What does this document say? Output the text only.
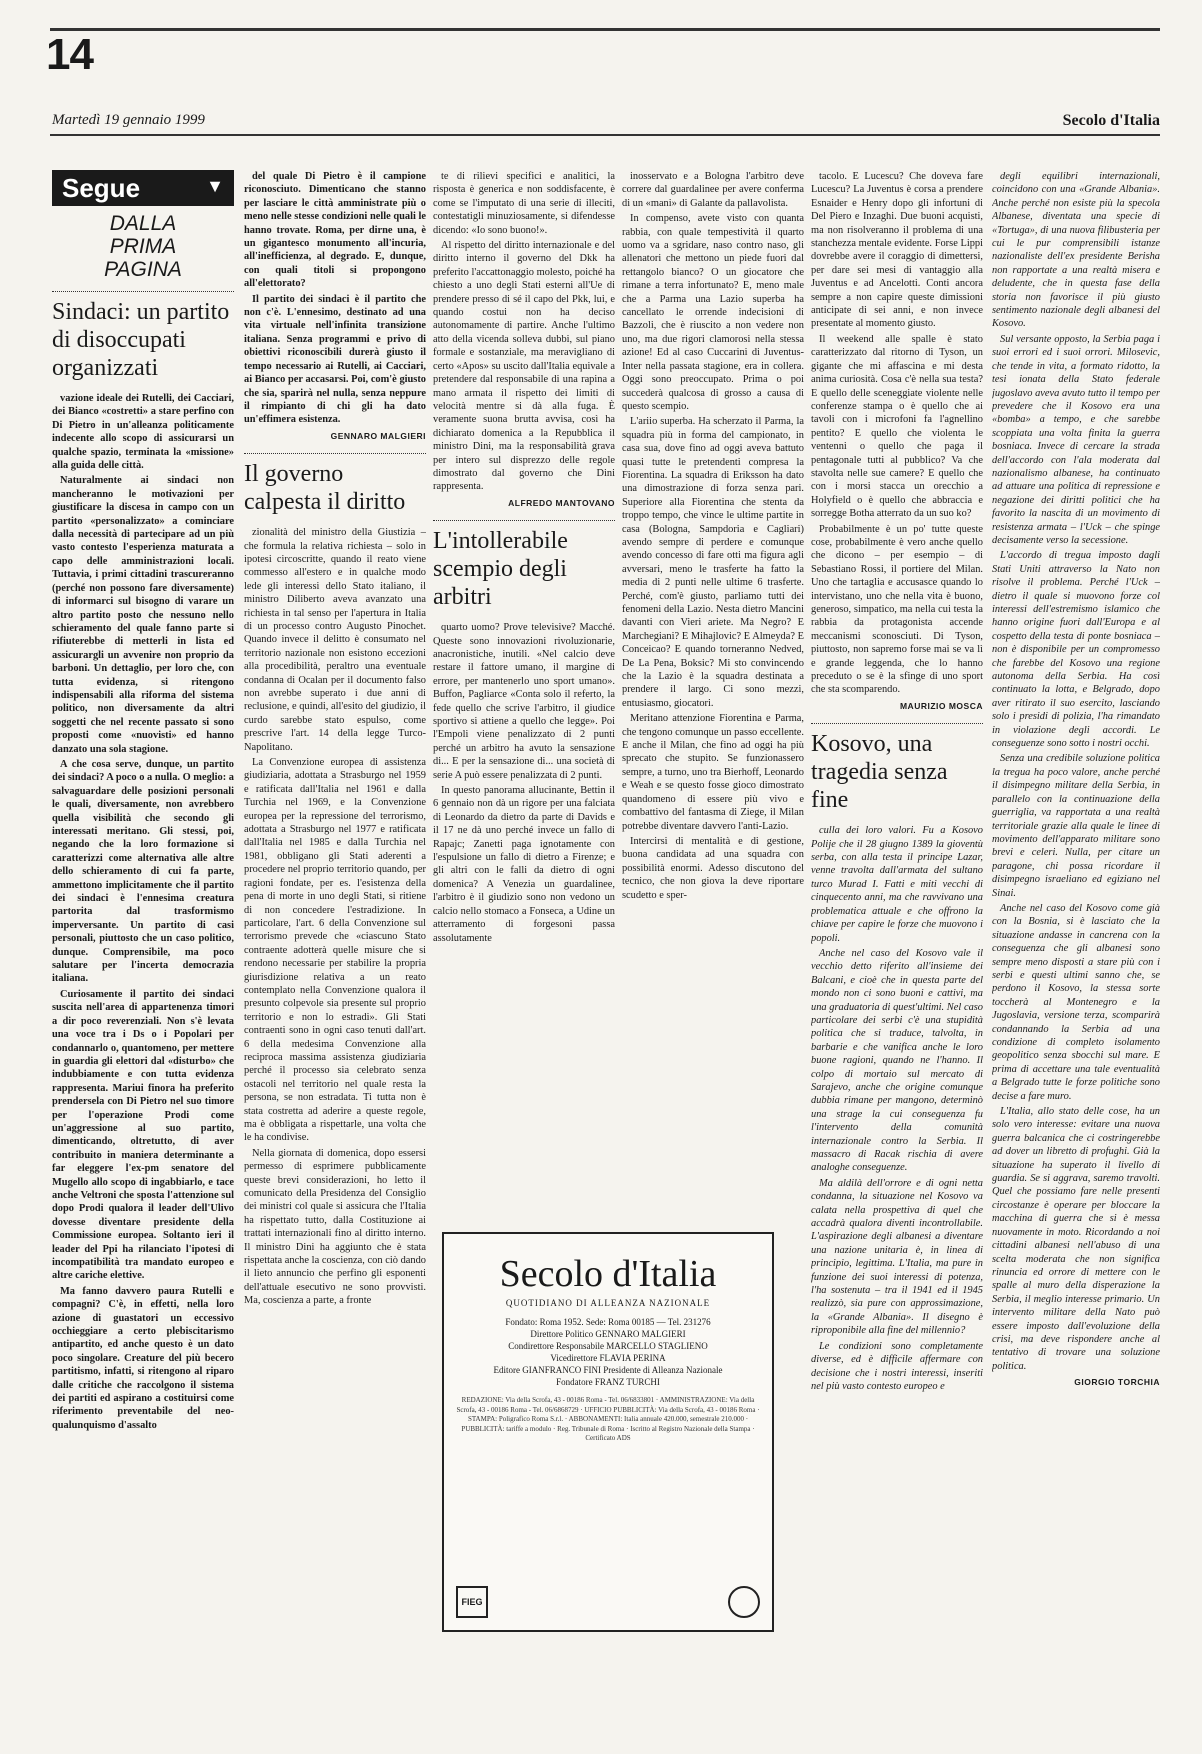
14
Martedì 19 gennaio 1999	Secolo d'Italia
Segue	▼
DALLA
PRIMA
PAGINA
Sindaci: un partito di disoccupati organizzati

vazione ideale dei Rutelli, dei Cacciari, dei Bianco «costretti» a stare perfino con Di Pietro in un'alleanza politicamente indecente allo scopo di assicurarsi un qualche spazio, terminata la «missione» alla guida delle città.

Naturalmente ai sindaci non mancheranno le motivazioni per giustificare la discesa in campo con un partito «personalizzato» a cominciare dalla necessità di partecipare ad un più vasto contesto l'esperienza maturata a capo delle amministrazioni locali. Tuttavia, i primi cittadini trascureranno (perché non possono fare diversamente) di informarci sul bisogno di varare un altro partito posto che nessuno nello schieramento del quale fanno parte si rifiuterebbe di metterli in lista ed assicurargli un avvenire non proprio da barboni. Un dettaglio, per loro che, con tutta evidenza, si ritengono indispensabili alla riforma del sistema politico, non diversamente da altri soggetti che nel recente passato si sono proposti come «nuovisti» ed hanno danzato una sola stagione.

A che cosa serve, dunque, un partito dei sindaci? A poco o a nulla. O meglio: a salvaguardare delle posizioni personali le quali, diversamente, non avrebbero quella visibilità che secondo gli interessati meritano. Gli stessi, poi, negando che la loro formazione si caratterizzi come alternativa alle altre dello schieramento di cui fa parte, ammettono implicitamente che il partito dei sindaci è l'ennesima creatura partorita dal trasformismo imperversante. Un partito di casi personali, piuttosto che un caso politico, dunque. Comprensibile, ma poco salutare per l'incerta democrazia italiana.

Curiosamente il partito dei sindaci suscita nell'area di appartenenza timori a dir poco reverenziali. Non s'è levata una voce tra i Ds o i Popolari per condannarlo o, quantomeno, per mettere in guardia gli elettori dal «disturbo» che indubbiamente e con tutta evidenza rappresenta. Mariui finora ha preferito prendersela con Di Pietro nel suo timore per l'operazione Prodi come un'aggressione al suo partito, dimenticando, oltretutto, di aver contribuito in maniera determinante a far eleggere l'ex-pm senatore del Mugello allo scopo di ingabbiarlo, e tace anche Veltroni che sposta l'attenzione sul dopo Prodi qualora il leader dell'Ulivo dovesse diventare presidente della Commissione europea. Soltanto ieri il leader del Ppi ha rilanciato l'ipotesi di incompatibilità tra mandato europeo e altre cariche elettive.

Ma fanno davvero paura Rutelli e compagni? C'è, in effetti, nella loro azione di guastatori un eccessivo occhieggiare a certo plebiscitarismo antipartito, ed anche questo è un dato poco singolare. Creature del più becero partitismo, infatti, si ritengono al riparo dalle critiche che raccolgono il sistema dei partiti ed aspirano a costituirsi come riferimento preventabile del neo-qualunquismo d'assalto

del quale Di Pietro è il campione riconosciuto. Dimenticano che stanno per lasciare le città amministrate più o meno nelle stesse condizioni nelle quali le hanno trovate. Roma, per dirne una, è un gigantesco monumento all'incuria, all'inefficienza, al degrado. E, dunque, con quali titoli si propongono all'elettorato?

Il partito dei sindaci è il partito che non c'è. L'ennesimo, destinato ad una vita virtuale nell'infinita transizione italiana. Senza programmi e privo di obiettivi riconoscibili durerà giusto il tempo necessario ai Rutelli, ai Cacciari, ai Bianco per accasarsi. Poi, com'è giusto che sia, sparirà nel nulla, senza neppure il rimpianto di chi gli ha dato un'effimera esistenza.

GENNARO MALGIERI
Il governo calpesta il diritto

zionalità del ministro della Giustizia – che formula la relativa richiesta – solo in ipotesi circoscritte, quando il reato viene commesso all'estero e in qualche modo lede gli interessi dello Stato italiano, il ministro Diliberto aveva avanzato una richiesta in tal senso per l'apertura in Italia di un processo contro Augusto Pinochet. Quando invece il delitto è consumato nel territorio nazionale non esistono eccezioni alla procedibilità, peraltro una eventuale condanna di Ocalan per il documento falso non avrebbe superato i due anni di reclusione, e quindi, all'esito del giudizio, il curdo sarebbe stato espulso, come prescrive l'art. 14 della legge Turco-Napolitano.

La Convenzione europea di assistenza giudiziaria, adottata a Strasburgo nel 1959 e ratificata dall'Italia nel 1961 e dalla Turchia nel 1969, e la Convenzione europea per la repressione del terrorismo, adottata a Strasburgo nel 1977 e ratificata dall'Italia nel 1985 e dalla Turchia nel 1981, obbligano gli Stati aderenti a procedere nel proprio territorio quando, per ragioni fondate, per es. l'esistenza della pena di morte in uno degli Stati, si ritiene di non concedere l'estradizione. In particolare, l'art. 6 della Convenzione sul terrorismo prevede che «ciascuno Stato contraente adotterà quelle misure che si rendono necessarie per stabilire la propria giurisdizione relativa a un reato contemplato nella Convenzione qualora il presunto colpevole sia presente sul proprio territorio e non lo estradi». Gli Stati contraenti sono in ogni caso tenuti dall'art. 6 della medesima Convenzione alla reciproca massima assistenza giudiziaria perché il processo sia celebrato senza ostacoli nel territorio nel quale resta la persona, se non estradata. Ti tutta non è stata costretta ad aderire a queste regole, ma è obbligata a rispettarle, una volta che le ha condivise.

Nella giornata di domenica, dopo essersi permesso di esprimere pubblicamente queste brevi considerazioni, ho letto il comunicato della Presidenza del Consiglio dei ministri col quale si assicura che l'Italia ha rispettato tutto, dalla Costituzione ai trattati internazionali fino al diritto interno. Il ministro Dini ha aggiunto che è stata rispettata anche la coscienza, con ciò dando il lieto annuncio che perfino gli esponenti dell'attuale esecutivo ne sono provvisti. Ma, coscienza a parte, a fronte

te di rilievi specifici e analitici, la risposta è generica e non soddisfacente, è come se l'imputato di una serie di illeciti, contestatigli minuziosamente, si difendesse dicendo: «Io sono buono!».

Al rispetto del diritto internazionale e del diritto interno il governo del Dkk ha preferito l'accattonaggio molesto, poiché ha chiesto a uno degli Stati esterni all'Ue di prendere presso di sé il capo del Pkk, lui, e quando costui non ha deciso autonomamente di partire. Anche l'ultimo atto della vicenda solleva dubbi, sul piano formale e sostanziale, ma meravigliano di certo «Apos» su uscito dall'Italia equivale a pretendere dal responsabile di una rapina a mano armata il rispetto dei limiti di velocità mentre si dà alla fuga. È veramente suona brutta avvisa, così ha dichiarato domenica a la Repubblica il ministro Dini, ma la responsabilità grava per intero sul disprezzo delle regole dimostrato dal governo che Dini rappresenta.

ALFREDO MANTOVANO
L'intollerabile scempio degli arbitri

quarto uomo? Prove televisive? Macché. Queste sono innovazioni rivoluzionarie, anacronistiche, inutili. «Nel calcio deve restare il fattore umano, il margine di errore, per mantenerlo uno sport umano». Buffon, Pagliarce «Conta solo il referto, la fede quello che scrive l'arbitro, il giudice sportivo si attiene a quello che legge». Poi l'Empoli viene penalizzato di 2 punti perché un arbitro ha avuto la sensazione di... E per la sensazione di... una società di serie A può essere penalizzata di 2 punti.

In questo panorama allucinante, Bettin il 6 gennaio non dà un rigore per una falciata di Leonardo da dietro da parte di Davids e il 17 ne dà uno perché invece un fallo di Rapajc; Zanetti paga ignotamente con l'espulsione un fallo di dietro a Firenze; e gli altri con le falli da dietro di ogni domenica? A Venezia un guardalinee, l'arbitro è il giudizio sono non vedono un calcio nello stomaco a Fonseca, a Udine un atterramento di forgesoni passa assolutamente

inosservato e a Bologna l'arbitro deve correre dal guardalinee per avere conferma di un «mani» di Galante da pallavolista.

In compenso, avete visto con quanta rabbia, con quale tempestività il quarto uomo va a sgridare, naso contro naso, gli allenatori che mettono un piede fuori dal rettangolo bianco? O un giocatore che rimane a terra infortunato? E, meno male che a Parma una Lazio superba ha cancellato le orrende indecisioni di Bazzoli, che è riuscito a non vedere non uno, ma due rigori clamorosi nella stessa azione! Ed al caso Cuccarini di Juventus-Inter nella passata stagione, era in collera. Oggi sono preoccupato. Prima o poi succederà qualcosa di grosso a causa di questo scempio.

L'ariio superba. Ha scherzato il Parma, la squadra più in forma del campionato, in casa sua, dove fino ad oggi aveva battuto quasi tutte le pretendenti compresa la Fiorentina. La squadra di Eriksson ha dato una dimostrazione di forza senza pari. Superiore alla Fiorentina che stenta da troppo tempo, che vince le ultime partite in casa (Bologna, Sampdoria e Cagliari) avendo sempre di perdere e comunque avendo concesso di fare otti ma figura agli avversari, meno le trasferte ha fatto la media di 2 punti nelle ultime 6 trasferte. Perché, com'è giusto, parliamo tutti dei fenomeni della Lazio. Nesta dietro Mancini davanti con Vieri ariete. Ma Negro? E Marchegiani? E Mihajlovic? E Almeyda? E Conceicao? E quando torneranno Nedved, De La Pena, Boksic? Mi sto convincendo che la Lazio è la squadra destinata a prendere il largo. Ci sono mezzi, entusiasmo, giocatori.

Meritano attenzione Fiorentina e Parma, che tengono comunque un passo eccellente. E anche il Milan, che fino ad oggi ha più sprecato che stupito. Se funzionassero sempre, a turno, uno tra Bierhoff, Leonardo e Weah e se questo fosse gioco dimostrato quandomeno di essere più vivo e combattivo del fantasma di Ziege, il Milan potrebbe diventare davvero l'anti-Lazio.

Intercirsi di mentalità e di gestione, buona candidata ad una squadra con possibilità enormi. Adesso discutono del tecnico, che non giova la deve riportare scudetto e sper-

tacolo. E Lucescu? Che doveva fare Lucescu? La Juventus è corsa a prendere Esnaider e Henry dopo gli infortuni di Del Piero e Inzaghi. Due buoni acquisti, ma non risolveranno il problema di una stanchezza mentale evidente. Forse Lippi dovrebbe avere il coraggio di dimettersi, per dare sei mesi di vantaggio alla Juventus e ad Ancelotti. Conti ancora sempre a non capire queste dimissioni anticipate di sei anni, e non invece presentate al momento giusto.

Il weekend alle spalle è stato caratterizzato dal ritorno di Tyson, un gigante che mi affascina e mi desta anima curiosità. Cosa c'è nella sua testa? E quello delle sceneggiate violente nelle conferenze stampa o è quello che ai tavoli con i microfoni fa l'agnellino pentito? E quello che violenta le ventenni o quello che paga il pentagonale tutti al pubblico? Va che stavolta nelle sue camere? E quello che con i morsi stacca un orecchio a Holyfield o è quello che abbraccia e sorregge Botha atterrato da un suo ko?

Probabilmente è un po' tutte queste cose, probabilmente è vero anche quello che dicono – per esempio – di Sebastiano Rossi, il portiere del Milan. Uno che tartaglia e accusasce quando lo intervistano, uno che nella vita è buono, generoso, simpatico, ma nella cui testa la rabbia da protagonista accende meccanismi sconosciuti. Di Tyson, piuttosto, non sapremo forse mai se va lì e grande leggenda, che lo hanno preceduto o se è la sfinge di uno sport che sta scomparendo.

MAURIZIO MOSCA
Kosovo, una tragedia senza fine

culla dei loro valori. Fu a Kosovo Polije che il 28 giugno 1389 la gioventù serba, con alla testa il principe Lazar, venne travolta dall'armata del sultano turco Murad I. Fatti e miti vecchi di cinquecento anni, ma che ravvivano una problematica attuale e che offrono la chiave per capire le forze che muovono i popoli.

Anche nel caso del Kosovo vale il vecchio detto riferito all'insieme dei Balcani, e cioè che in questa parte del mondo non ci sono buoni e cattivi, ma una graduatoria di quest'ultimi. Nel caso particolare dei serbi c'è una stupidità politica che si traduce, talvolta, in barbarie e che vanifica anche le loro buone ragioni, quando ne l'hanno. Il colpo di mortaio sul mercato di Sarajevo, anche che origine comunque dubbia rimane per mangono, determinò una strage la cui conseguenza fu l'intervento della comunità internazionale contro la Serbia. Il massacro di Racak rischia di avere analoghe conseguenze.

Ma aldilà dell'orrore e di ogni netta condanna, la situazione nel Kosovo va calata nella prospettiva di quel che accadrà qualora diventi incontrollabile. L'aspirazione degli albanesi a diventare una nazione unitaria è, in linea di principio, legittima. L'Italia, ma pure in funzione dei suoi interessi di potenza, l'ha sostenuta – tra il 1941 ed il 1945 realizzò, sia pure con approssimazione, la «Grande Albania». Il disegno è riproponibile alla fine del millennio?

Le condizioni sono completamente diverse, ed è difficile affermare con decisione che i nostri interessi, inseriti nel più vasto contesto europeo e

degli equilibri internazionali, coincidono con una «Grande Albania». Anche perché non esiste più la specola Albanese, diventata una specie di «Tortuga», di una nuova filibusteria per cui le pur comprensibili istanze nazionaliste dell'ex presidente Berisha non rapportate a una realtà misera e deludente, che in questa fase della storia non favorisce il più giusto sentimento nazionale degli albanesi del Kosovo.

Sul versante opposto, la Serbia paga i suoi errori ed i suoi orrori. Milosevic, che tende in vita, a formato ridotto, la tesi ionata della Stato federale jugoslavo aveva avuto tutto il tempo per prevedere che il Kosovo era una «bomba» a tempo, e che sarebbe scoppiata una volta finita la guerra bosniaca. Invece di cercare la strada dell'accordo con l'ala moderata dal nazionalismo albanese, ha continuato ad attuare una politica di repressione e negazione dei diritti politici che ha favorito la nascita di un movimento di resistenza armata – l'Uck – che spinge decisamente verso la secessione.

L'accordo di tregua imposto dagli Stati Uniti attraverso la Nato non risolve il problema. Perché l'Uck – dietro il quale si muovono forze col interessi dell'estremismo islamico che hanno origine fuori dall'Europa e al cospetto della testa di ponte bosniaca – non è disponibile per un compromesso che farebbe del Kosovo una regione autonoma della Serbia. Ha così continuato la lotta, e Belgrado, dopo aver ritirato il suo esercito, lasciando solo i presidi di polizia, l'ha rimandato in violazione degli accordi. Le conseguenze sono sotto i nostri occhi.

Senza una credibile soluzione politica la tregua ha poco valore, anche perché il disimpegno militare della Serbia, in parallelo con la continuazione della guerriglia, va rapportata a una realtà territoriale grazie alla quale le linee di movimento dell'apparato militare sono brevi e celeri. Nulla, per citare un paragone, chi possa ricordare il disimpegno israeliano ed egiziano nel Sinai.

Anche nel caso del Kosovo come già con la Bosnia, si è lasciato che la situazione andasse in cancrena con la conseguenza che gli albanesi sono sempre meno disposti a stare più con i serbi e questi ultimi sanno che, se perdono il Kosovo, la stessa sorte toccherà al Montenegro e la Jugoslavia, versione terza, scomparirà condannando la Serbia ad una condizione di completo isolamento geopolitico senza sbocchi sul mare. E prima di accettare una tale eventualità a Belgrado tutte le forze politiche sono decise a fare muro.

L'Italia, allo stato delle cose, ha un solo vero interesse: evitare una nuova guerra balcanica che ci costringerebbe ad dover un libretto di profughi. Già la situazione ha superato il livello di guardia. Se si aggrava, saremo travolti. Quel che possiamo fare nelle presenti circostanze è operare per bloccare la macchina di guerra che si è messa nuovamente in moto. Ricordando a noi cittadini albanesi nell'abuso di una scelta moderata che non significa rinuncia ed orrore di mettere con le spalle al muro della disperazione la Serbia, il meglio interesse primario. Un intervento militare della Nato può essere imposto dall'evoluzione della crisi, ma deve rispondere anche al tentativo di trovare una soluzione politica.

GIORGIO TORCHIA
Secolo d'Italia
QUOTIDIANO DI ALLEANZA NAZIONALE
Fondato: Roma 1952. Sede: Roma 00185 — Tel. 231276
Direttore Politico GENNARO MALGIERI
Condirettore Responsabile MARCELLO STAGLIENO
Vicedirettore FLAVIA PERINA
Editore GIANFRANCO FINI Presidente di Alleanza Nazionale
Fondatore FRANZ TURCHI
REDAZIONE: Via della Scrofa, 43 - 00186 Roma - Tel. 06/6833801 · AMMINISTRAZIONE: Via della Scrofa, 43 - 00186 Roma - Tel. 06/6868729 · UFFICIO PUBBLICITÀ: Via della Scrofa, 43 - 00186 Roma · STAMPA: Poligrafico Roma S.r.l. · ABBONAMENTI: Italia annuale 420.000, semestrale 210.000 · PUBBLICITÀ: tariffe a modulo · Reg. Tribunale di Roma · Iscritto al Registro Nazionale della Stampa · Certificato ADS
FIEG
